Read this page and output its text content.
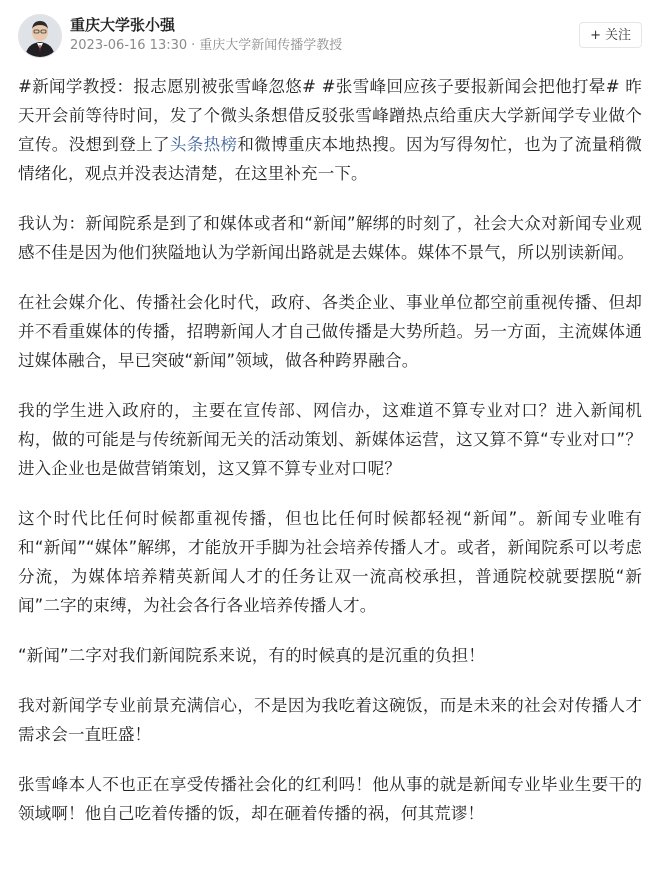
重庆大学张小强
2023-06-16 13:30 · 重庆大学新闻传播学教授
+ 关注

#新闻学教授：报志愿别被张雪峰忽悠# #张雪峰回应孩子要报新闻会把他打晕# 昨天开会前等待时间，发了个微头条想借反驳张雪峰蹭热点给重庆大学新闻学专业做个宣传。没想到登上了头条热榜和微博重庆本地热搜。因为写得匆忙，也为了流量稍微情绪化，观点并没表达清楚，在这里补充一下。

我认为：新闻院系是到了和媒体或者和“新闻”解绑的时刻了，社会大众对新闻专业观感不佳是因为他们狭隘地认为学新闻出路就是去媒体。媒体不景气，所以别读新闻。

在社会媒介化、传播社会化时代，政府、各类企业、事业单位都空前重视传播、但却并不看重媒体的传播，招聘新闻人才自己做传播是大势所趋。另一方面，主流媒体通过媒体融合，早已突破“新闻”领域，做各种跨界融合。

我的学生进入政府的，主要在宣传部、网信办，这难道不算专业对口？进入新闻机构，做的可能是与传统新闻无关的活动策划、新媒体运营，这又算不算“专业对口”？进入企业也是做营销策划，这又算不算专业对口呢？

这个时代比任何时候都重视传播，但也比任何时候都轻视“新闻”。新闻专业唯有和“新闻”“媒体”解绑，才能放开手脚为社会培养传播人才。或者，新闻院系可以考虑分流，为媒体培养精英新闻人才的任务让双一流高校承担，普通院校就要摆脱“新闻”二字的束缚，为社会各行各业培养传播人才。

“新闻”二字对我们新闻院系来说，有的时候真的是沉重的负担！

我对新闻学专业前景充满信心，不是因为我吃着这碗饭，而是未来的社会对传播人才需求会一直旺盛！

张雪峰本人不也正在享受传播社会化的红利吗！他从事的就是新闻专业毕业生要干的领域啊！他自己吃着传播的饭，却在砸着传播的祸，何其荒谬！
